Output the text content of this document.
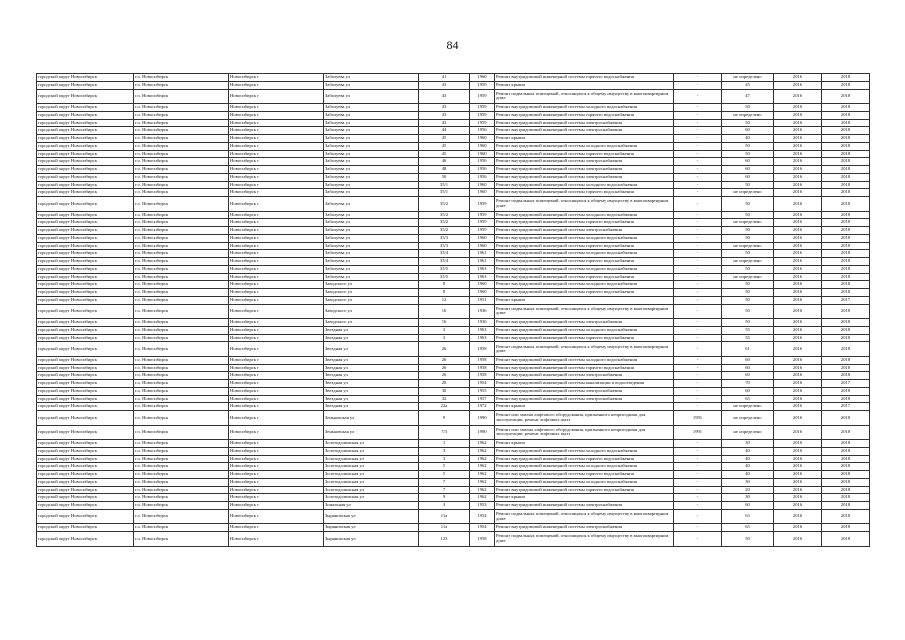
84
городской округ Новосибирск	г.о. Новосибирск	Новосибирск г	Забалуева ул	41	1960	Ремонт внутридомовой инженерной системы горячего водоснабжения	-	не определено	2016	2018
городской округ Новосибирск	г.о. Новосибирск	Новосибирск г	Забалуева ул	43	1959	Ремонт крыши	-	45	2016	2018
городской округ Новосибирск	г.о. Новосибирск	Новосибирск г	Забалуева ул	43	1959	Ремонт подвальных помещений, относящихся к общему имуществу в многоквартирном доме	-	47	2016	2018
городской округ Новосибирск	г.о. Новосибирск	Новосибирск г	Забалуева ул	43	1959	Ремонт внутридомовой инженерной системы холодного водоснабжения	-	50	2016	2018
городской округ Новосибирск	г.о. Новосибирск	Новосибирск г	Забалуева ул	43	1959	Ремонт внутридомовой инженерной системы горячего водоснабжения	-	не определено	2016	2018
городской округ Новосибирск	г.о. Новосибирск	Новосибирск г	Забалуева ул	43	1959	Ремонт внутридомовой инженерной системы электроснабжения	-	50	2016	2018
городской округ Новосибирск	г.о. Новосибирск	Новосибирск г	Забалуева ул	44	1956	Ремонт внутридомовой инженерной системы электроснабжения	-	60	2016	2018
городской округ Новосибирск	г.о. Новосибирск	Новосибирск г	Забалуева ул	45	1960	Ремонт крыши	-	40	2016	2018
городской округ Новосибирск	г.о. Новосибирск	Новосибирск г	Забалуева ул	45	1960	Ремонт внутридомовой инженерной системы холодного водоснабжения	-	50	2016	2018
городской округ Новосибирск	г.о. Новосибирск	Новосибирск г	Забалуева ул	45	1960	Ремонт внутридомовой инженерной системы горячего водоснабжения	-	50	2016	2018
городской округ Новосибирск	г.о. Новосибирск	Новосибирск г	Забалуева ул	46	1956	Ремонт внутридомовой инженерной системы электроснабжения	-	60	2016	2018
городской округ Новосибирск	г.о. Новосибирск	Новосибирск г	Забалуева ул	48	1956	Ремонт внутридомовой инженерной системы электроснабжения	-	60	2016	2018
городской округ Новосибирск	г.о. Новосибирск	Новосибирск г	Забалуева ул	50	1956	Ремонт внутридомовой инженерной системы электроснабжения	-	60	2016	2018
городской округ Новосибирск	г.о. Новосибирск	Новосибирск г	Забалуева ул	35/1	1960	Ремонт внутридомовой инженерной системы холодного водоснабжения	-	50	2016	2018
городской округ Новосибирск	г.о. Новосибирск	Новосибирск г	Забалуева ул	35/1	1960	Ремонт внутридомовой инженерной системы горячего водоснабжения	-	не определено	2016	2018
городской округ Новосибирск	г.о. Новосибирск	Новосибирск г	Забалуева ул	35/2	1959	Ремонт подвальных помещений, относящихся к общему имуществу в многоквартирном доме	-	50	2016	2018
городской округ Новосибирск	г.о. Новосибирск	Новосибирск г	Забалуева ул	35/2	1959	Ремонт внутридомовой инженерной системы холодного водоснабжения	-	50	2016	2018
городской округ Новосибирск	г.о. Новосибирск	Новосибирск г	Забалуева ул	35/2	1959	Ремонт внутридомовой инженерной системы горячего водоснабжения	-	не определено	2016	2018
городской округ Новосибирск	г.о. Новосибирск	Новосибирск г	Забалуева ул	35/2	1959	Ремонт внутридомовой инженерной системы электроснабжения	-	50	2016	2018
городской округ Новосибирск	г.о. Новосибирск	Новосибирск г	Забалуева ул	35/3	1960	Ремонт внутридомовой инженерной системы холодного водоснабжения	-	50	2016	2018
городской округ Новосибирск	г.о. Новосибирск	Новосибирск г	Забалуева ул	35/3	1960	Ремонт внутридомовой инженерной системы горячего водоснабжения	-	не определено	2016	2018
городской округ Новосибирск	г.о. Новосибирск	Новосибирск г	Забалуева ул	35/4	1961	Ремонт внутридомовой инженерной системы холодного водоснабжения	-	50	2016	2018
городской округ Новосибирск	г.о. Новосибирск	Новосибирск г	Забалуева ул	35/4	1961	Ремонт внутридомовой инженерной системы горячего водоснабжения	-	не определено	2016	2018
городской округ Новосибирск	г.о. Новосибирск	Новосибирск г	Забалуева ул	35/5	1963	Ремонт внутридомовой инженерной системы холодного водоснабжения	-	50	2016	2018
городской округ Новосибирск	г.о. Новосибирск	Новосибирск г	Забалуева ул	35/5	1963	Ремонт внутридомовой инженерной системы горячего водоснабжения	-	не определено	2016	2018
городской округ Новосибирск	г.о. Новосибирск	Новосибирск г	Заводского ул	8	1960	Ремонт внутридомовой инженерной системы холодного водоснабжения	-	50	2016	2018
городской округ Новосибирск	г.о. Новосибирск	Новосибирск г	Заводского ул	8	1960	Ремонт внутридомовой инженерной системы горячего водоснабжения	-	50	2016	2018
городской округ Новосибирск	г.о. Новосибирск	Новосибирск г	Заводского ул	12	1951	Ремонт крыши	-	50	2016	2017
городской округ Новосибирск	г.о. Новосибирск	Новосибирск г	Заводского ул	16	1936	Ремонт подвальных помещений, относящихся к общему имуществу в многоквартирном доме	-	50	2016	2018
городской округ Новосибирск	г.о. Новосибирск	Новосибирск г	Заводского ул	16	1936	Ремонт внутридомовой инженерной системы электроснабжения	-	50	2016	2018
городской округ Новосибирск	г.о. Новосибирск	Новосибирск г	Звездная ул	3	1963	Ремонт внутридомовой инженерной системы холодного водоснабжения	-	55	2016	2018
городской округ Новосибирск	г.о. Новосибирск	Новосибирск г	Звездная ул	3	1963	Ремонт внутридомовой инженерной системы горячего водоснабжения	-	55	2016	2018
городской округ Новосибирск	г.о. Новосибирск	Новосибирск г	Звездная ул	26	1958	Ремонт подвальных помещений, относящихся к общему имуществу в многоквартирном доме	-	61	2016	2018
городской округ Новосибирск	г.о. Новосибирск	Новосибирск г	Звездная ул	26	1958	Ремонт внутридомовой инженерной системы холодного водоснабжения	-	60	2016	2018
городской округ Новосибирск	г.о. Новосибирск	Новосибирск г	Звездная ул	26	1958	Ремонт внутридомовой инженерной системы горячего водоснабжения	-	60	2016	2018
городской округ Новосибирск	г.о. Новосибирск	Новосибирск г	Звездная ул	26	1958	Ремонт внутридомовой инженерной системы электроснабжения	-	60	2016	2018
городской округ Новосибирск	г.о. Новосибирск	Новосибирск г	Звездная ул	28	1954	Ремонт внутридомовой инженерной системы канализации и водоотведения	-	70	2016	2017
городской округ Новосибирск	г.о. Новосибирск	Новосибирск г	Звездная ул	30	1955	Ремонт внутридомовой инженерной системы электроснабжения	-	60	2016	2018
городской округ Новосибирск	г.о. Новосибирск	Новосибирск г	Звездная ул	32	1957	Ремонт внутридомовой инженерной системы электроснабжения	-	65	2016	2018
городской округ Новосибирск	г.о. Новосибирск	Новосибирск г	Звездная ул	22а	1972	Ремонт крыши	-	не определено	2016	2017
городской округ Новосибирск	г.о. Новосибирск	Новосибирск г	Зеньковская ул	9	1990	Ремонт или замена лифтового оборудования, признанного непригодным для эксплуатации, ремонт лифтовых шахт	1991	не определено	2016	2018
городской округ Новосибирск	г.о. Новосибирск	Новосибирск г	Зеньковская ул	7/3	1990	Ремонт или замена лифтового оборудования, признанного непригодным для эксплуатации, ремонт лифтовых шахт	1991	не определено	2016	2018
городской округ Новосибирск	г.о. Новосибирск	Новосибирск г	Золотодолинская ул	1	1962	Ремонт крыши	-	30	2016	2018
городской округ Новосибирск	г.о. Новосибирск	Новосибирск г	Золотодолинская ул	3	1962	Ремонт внутридомовой инженерной системы холодного водоснабжения	-	40	2016	2018
городской округ Новосибирск	г.о. Новосибирск	Новосибирск г	Золотодолинская ул	3	1962	Ремонт внутридомовой инженерной системы горячего водоснабжения	-	40	2016	2018
городской округ Новосибирск	г.о. Новосибирск	Новосибирск г	Золотодолинская ул	5	1962	Ремонт внутридомовой инженерной системы холодного водоснабжения	-	40	2016	2018
городской округ Новосибирск	г.о. Новосибирск	Новосибирск г	Золотодолинская ул	5	1962	Ремонт внутридомовой инженерной системы горячего водоснабжения	-	40	2016	2018
городской округ Новосибирск	г.о. Новосибирск	Новосибирск г	Золотодолинская ул	7	1962	Ремонт внутридомовой инженерной системы холодного водоснабжения	-	30	2016	2018
городской округ Новосибирск	г.о. Новосибирск	Новосибирск г	Золотодолинская ул	7	1962	Ремонт внутридомовой инженерной системы горячего водоснабжения	-	20	2016	2018
городской округ Новосибирск	г.о. Новосибирск	Новосибирск г	Золотодолинская ул	9	1962	Ремонт крыши	-	30	2016	2018
городской округ Новосибирск	г.о. Новосибирск	Новосибирск г	Зональная ул	3	1953	Ремонт внутридомовой инженерной системы электроснабжения	-	60	2016	2018
городской округ Новосибирск	г.о. Новосибирск	Новосибирск г	Зыряновская ул	11а	1954	Ремонт подвальных помещений, относящихся к общему имуществу в многоквартирном доме	-	63	2016	2018
городской округ Новосибирск	г.о. Новосибирск	Новосибирск г	Зыряновская ул	11а	1954	Ремонт внутридомовой инженерной системы электроснабжения	-	65	2016	2018
городской округ Новосибирск	г.о. Новосибирск	Новосибирск г	Зыряновская ул	123	1958	Ремонт подвальных помещений, относящихся к общему имуществу в многоквартирном доме	-	50	2016	2018
